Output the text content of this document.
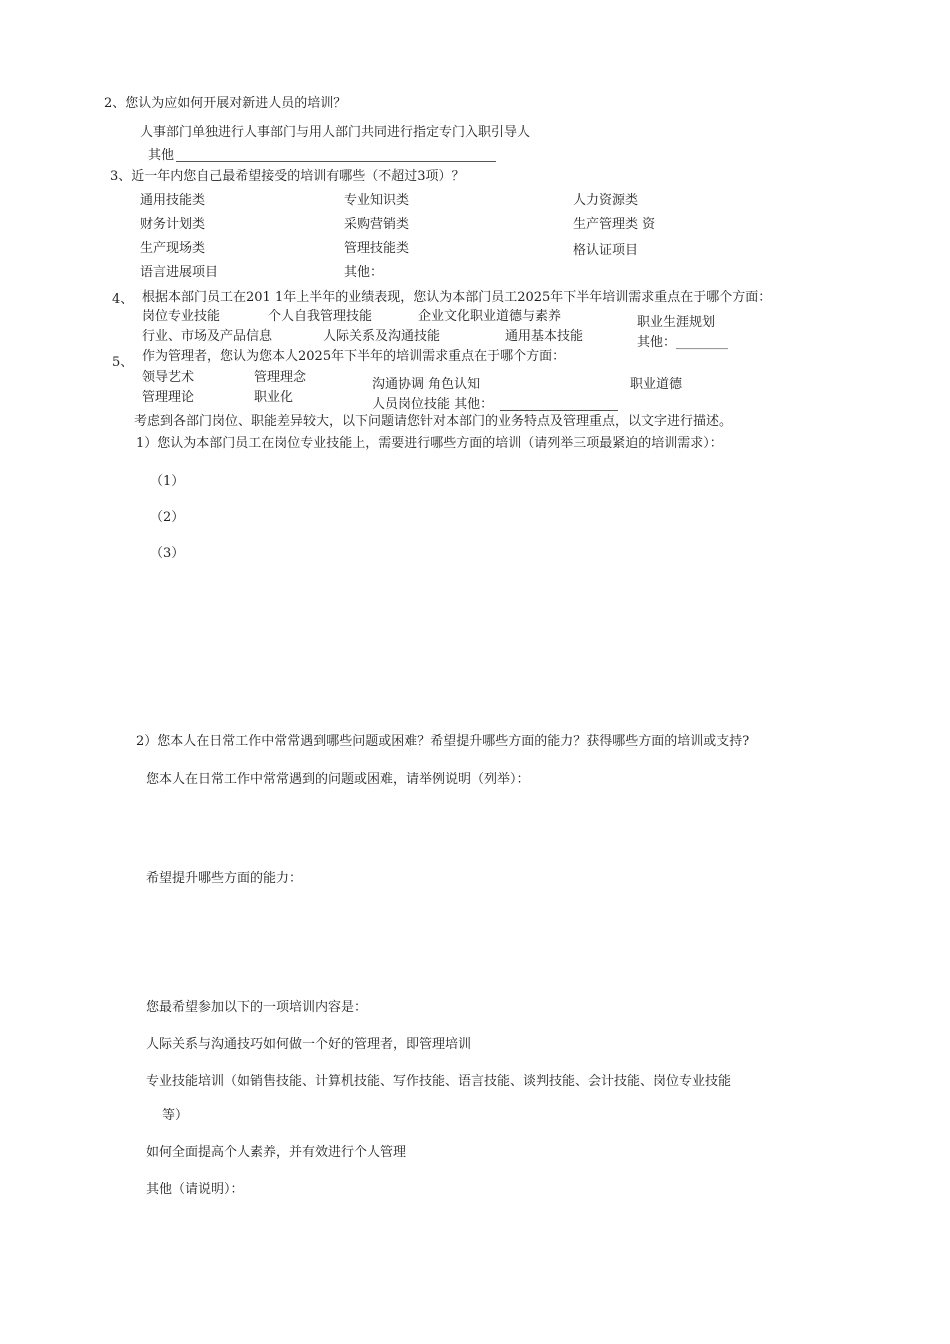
2、您认为应如何开展对新进人员的培训？
人事部门单独进行人事部门与用人部门共同进行指定专门入职引导人
其他
3、近一年内您自己最希望接受的培训有哪些（不超过3项）？
通用技能类	专业知识类	人力资源类
财务计划类	采购营销类	生产管理类 资
生产现场类	管理技能类	格认证项目
语言进展项目	其他：
4、 根据本部门员工在201 1年上半年的业绩表现，您认为本部门员工2025年下半年培训需求重点在于哪个方面：
岗位专业技能	个人自我管理技能	企业文化职业道德与素养	职业生涯规划
行业、市场及产品信息	人际关系及沟通技能	通用基本技能	其他：________
5、 作为管理者，您认为您本人2025年下半年的培训需求重点在于哪个方面：
领导艺术	管理理念	沟通协调 角色认知	职业道德
管理理论	职业化	人员岗位技能 其他：
考虑到各部门岗位、职能差异较大，以下问题请您针对本部门的业务特点及管理重点，以文字进行描述。
1）您认为本部门员工在岗位专业技能上，需要进行哪些方面的培训（请列举三项最紧迫的培训需求）：
（1）
（2）
（3）
2）您本人在日常工作中常常遇到哪些问题或困难？希望提升哪些方面的能力？获得哪些方面的培训或支持?
您本人在日常工作中常常遇到的问题或困难，请举例说明（列举）：
希望提升哪些方面的能力：
您最希望参加以下的一项培训内容是：
人际关系与沟通技巧如何做一个好的管理者，即管理培训
专业技能培训（如销售技能、计算机技能、写作技能、语言技能、谈判技能、会计技能、岗位专业技能
等）
如何全面提高个人素养，并有效进行个人管理
其他（请说明）：
